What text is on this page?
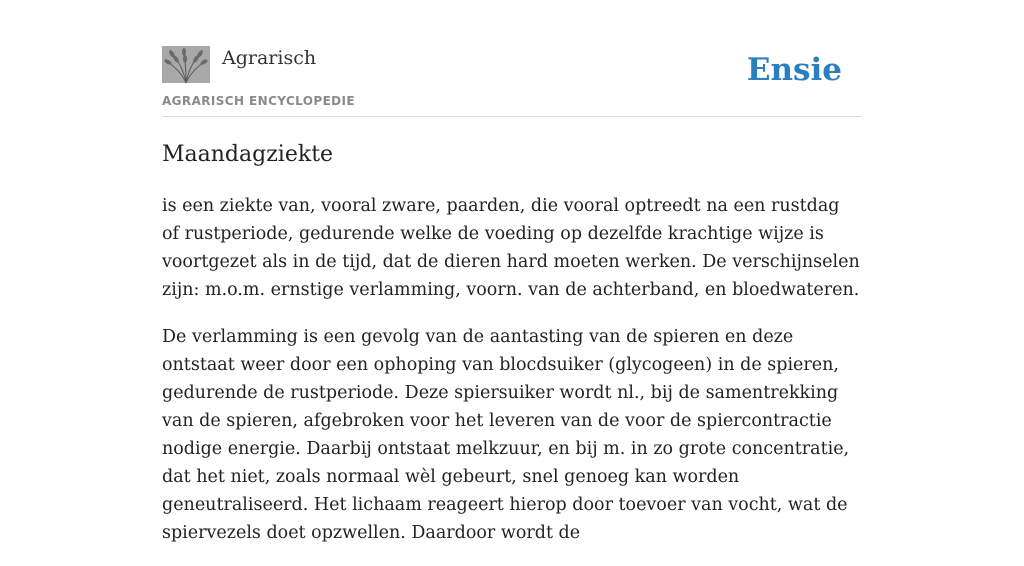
Agrarisch
AGRARISCH ENCYCLOPEDIE
Ensie
Maandagziekte

is een ziekte van, vooral zware, paarden, die vooral optreedt na een rustdag of rustperiode, gedurende welke de voeding op dezelfde krachtige wijze is voortgezet als in de tijd, dat de dieren hard moeten werken. De verschijnselen zijn: m.o.m. ernstige verlamming, voorn. van de achterband, en bloedwateren.

De verlamming is een gevolg van de aantasting van de spieren en deze ontstaat weer door een ophoping van blocdsuiker (glycogeen) in de spieren, gedurende de rustperiode. Deze spiersuiker wordt nl., bij de samentrekking van de spieren, afgebroken voor het leveren van de voor de spiercontractie nodige energie. Daarbij ontstaat melkzuur, en bij m. in zo grote concentratie, dat het niet, zoals normaal wèl gebeurt, snel genoeg kan worden geneutraliseerd. Het lichaam reageert hierop door toevoer van vocht, wat de spiervezels doet opzwellen. Daardoor wordt de
